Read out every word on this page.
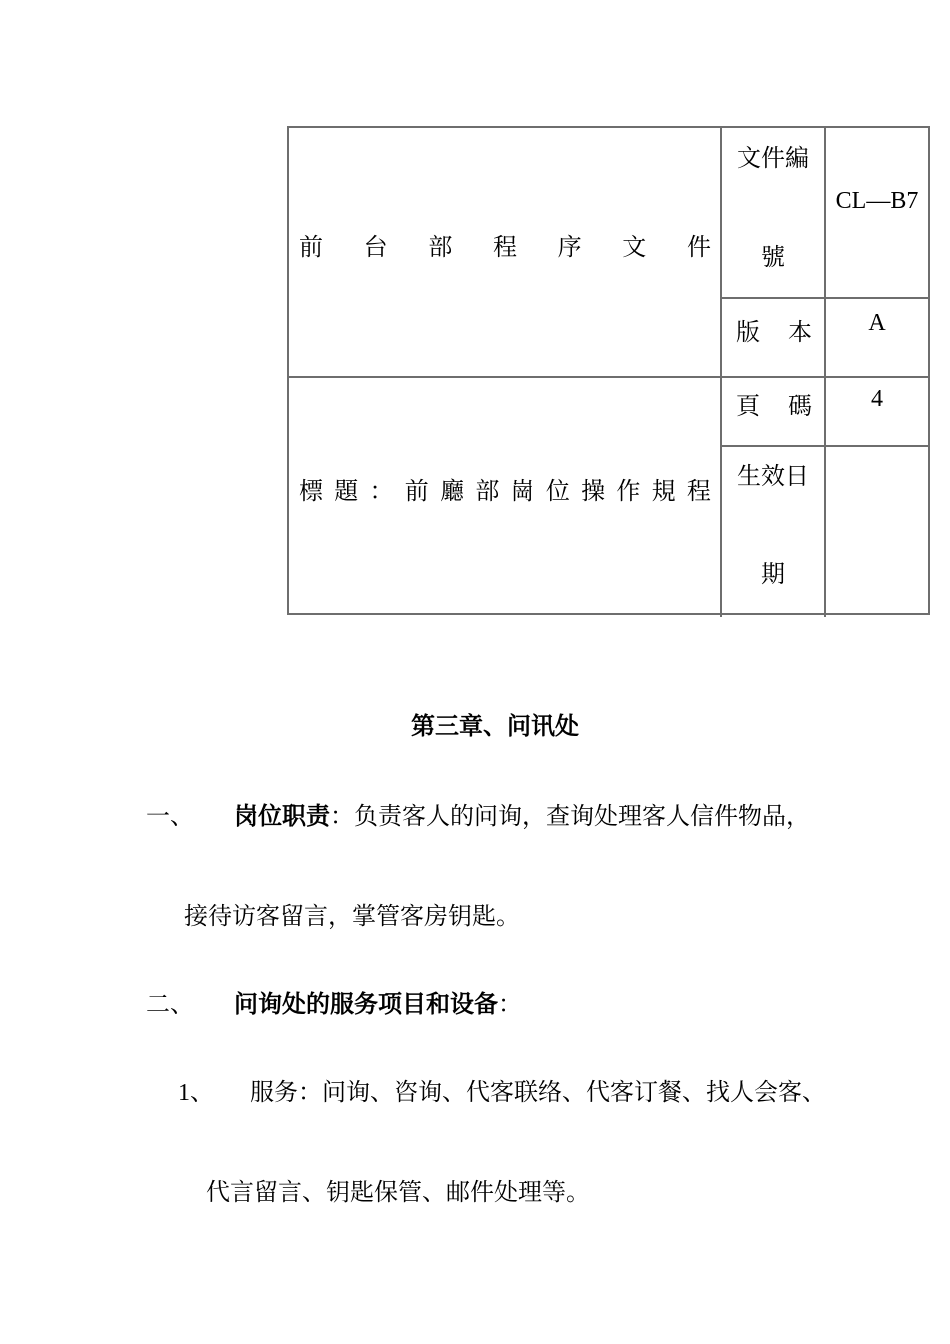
前 台 部 程 序 文 件
標 題 ： 前 廳 部 崗 位 操 作 規 程
文件編
號
CL—B7
版 本	A
頁 碼	4
生效日
期
第三章、问讯处
一、 岗位职责：负责客人的问询，查询处理客人信件物品，
接待访客留言，掌管客房钥匙。
二、 问询处的服务项目和设备：
1、 服务：问询、咨询、代客联络、代客订餐、找人会客、
代言留言、钥匙保管、邮件处理等。
